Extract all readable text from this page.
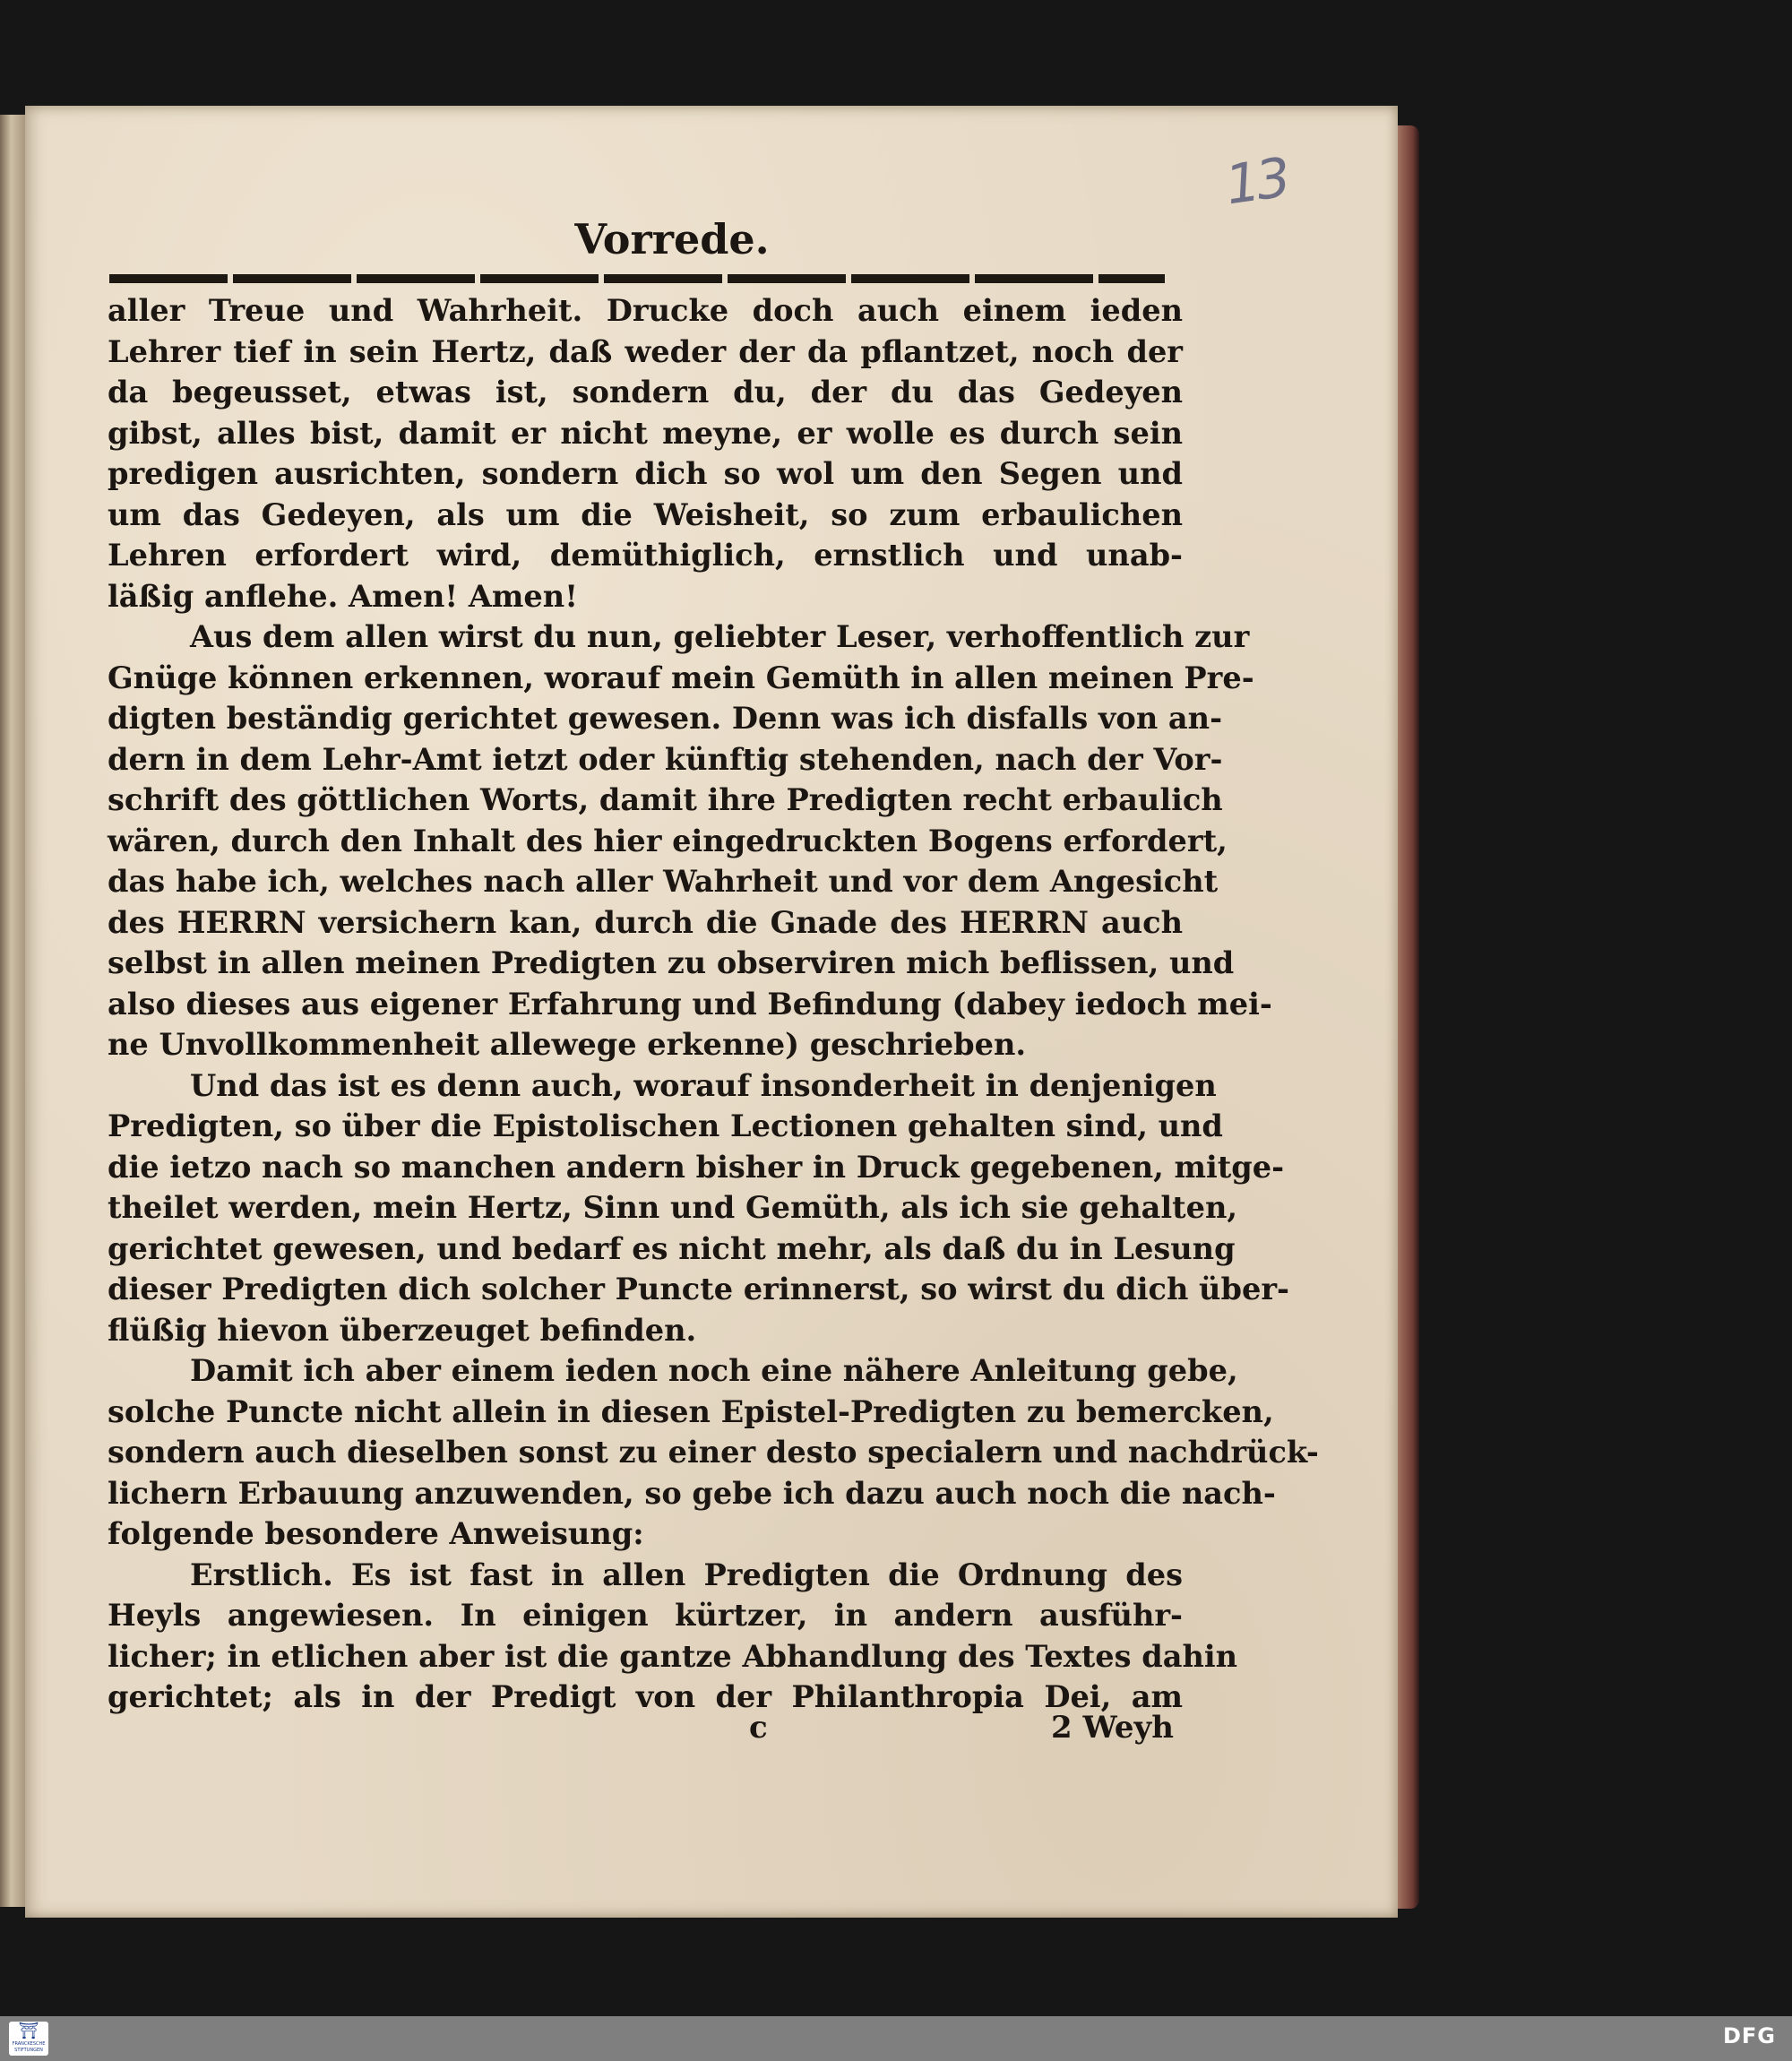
13
Vorrede.
aller Treue und Wahrheit. Drucke doch auch einem ieden
Lehrer tief in sein Hertz, daß weder der da pflantzet, noch der
da begeusset, etwas ist, sondern du, der du das Gedeyen
gibst, alles bist, damit er nicht meyne, er wolle es durch sein
predigen ausrichten, sondern dich so wol um den Segen und
um das Gedeyen, als um die Weisheit, so zum erbaulichen
Lehren erfordert wird, demüthiglich, ernstlich und unab-
läßig anflehe. Amen! Amen!
Aus dem allen wirst du nun, geliebter Leser, verhoffentlich zur
Gnüge können erkennen, worauf mein Gemüth in allen meinen Pre-
digten beständig gerichtet gewesen. Denn was ich disfalls von an-
dern in dem Lehr-Amt ietzt oder künftig stehenden, nach der Vor-
schrift des göttlichen Worts, damit ihre Predigten recht erbaulich
wären, durch den Inhalt des hier eingedruckten Bogens erfordert,
das habe ich, welches nach aller Wahrheit und vor dem Angesicht
des HERRN versichern kan, durch die Gnade des HERRN auch
selbst in allen meinen Predigten zu observiren mich beflissen, und
also dieses aus eigener Erfahrung und Befindung (dabey iedoch mei-
ne Unvollkommenheit allewege erkenne) geschrieben.
Und das ist es denn auch, worauf insonderheit in denjenigen
Predigten, so über die Epistolischen Lectionen gehalten sind, und
die ietzo nach so manchen andern bisher in Druck gegebenen, mitge-
theilet werden, mein Hertz, Sinn und Gemüth, als ich sie gehalten,
gerichtet gewesen, und bedarf es nicht mehr, als daß du in Lesung
dieser Predigten dich solcher Puncte erinnerst, so wirst du dich über-
flüßig hievon überzeuget befinden.
Damit ich aber einem ieden noch eine nähere Anleitung gebe,
solche Puncte nicht allein in diesen Epistel-Predigten zu bemercken,
sondern auch dieselben sonst zu einer desto specialern und nachdrück-
lichern Erbauung anzuwenden, so gebe ich dazu auch noch die nach-
folgende besondere Anweisung:
Erstlich. Es ist fast in allen Predigten die Ordnung des
Heyls angewiesen. In einigen kürtzer, in andern ausführ-
licher; in etlichen aber ist die gantze Abhandlung des Textes dahin
gerichtet; als in der Predigt von der Philanthropia Dei, am
c	2 Weyh
⛩
FRANCKESCHE STIFTUNGEN
DFG
